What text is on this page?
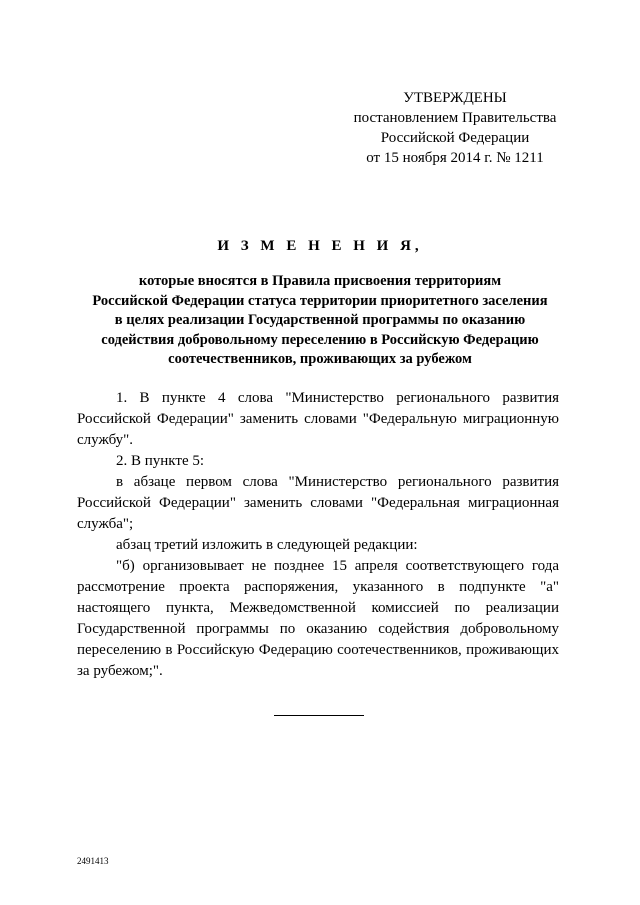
УТВЕРЖДЕНЫ
постановлением Правительства
Российской Федерации
от 15 ноября 2014 г. № 1211
И З М Е Н Е Н И Я,
которые вносятся в Правила присвоения территориям
Российской Федерации статуса территории приоритетного заселения
в целях реализации Государственной программы по оказанию
содействия добровольному переселению в Российскую Федерацию
соотечественников, проживающих за рубежом
1. В пункте 4 слова "Министерство регионального развития
Российской Федерации" заменить словами "Федеральную миграционную
службу".
2. В пункте 5:
в абзаце первом слова "Министерство регионального развития
Российской Федерации" заменить словами "Федеральная миграционная
служба";
абзац третий изложить в следующей редакции:
"б) организовывает не позднее 15 апреля соответствующего года
рассмотрение проекта распоряжения, указанного в подпункте "а"
настоящего пункта, Межведомственной комиссией по реализации
Государственной программы по оказанию содействия добровольному
переселению в Российскую Федерацию соотечественников, проживающих
за рубежом;".
2491413
